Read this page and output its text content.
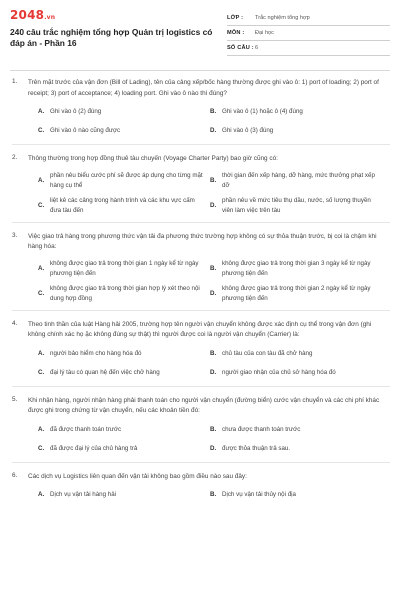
2048.vn
240 câu trắc nghiệm tổng hợp Quản trị logistics có đáp án - Phần 16
LỚP : Trắc nghiệm tổng hợp
MÔN : Đại học
SỐ CÂU : 6
1. Trên mặt trước của vận đơn (Bill of Lading), tên của cảng xếp/bốc hàng thường được ghi vào ô: 1) port of loading; 2) port of receipt; 3) port of acceptance; 4) loading port. Ghi vào ô nào thì đúng?
A. Ghi vào ô (2) đúng	B. Ghi vào ô (1) hoặc ô (4) đúng
C. Ghi vào ô nào cũng được	D. Ghi vào ô (3) đúng
2. Thông thường trong hợp đồng thuê tàu chuyến (Voyage Charter Party) bao giờ cũng có:
A.
phần nêu biểu cước phí sẽ được áp dụng cho từng mặt hàng cụ thể
B.
thời gian đến xếp hàng, dỡ hàng, mức thưởng phạt xếp dỡ
C.
liệt kê các cảng trong hành trình và các khu vực cấm đưa tàu đến
D.
phần nêu về mức tiêu thụ dầu, nước, số lượng thuyền viên làm việc trên tàu
3. Việc giao trả hàng trong phương thức vận tải đa phương thức trường hợp không có sự thỏa thuận trước, bị coi là chậm khi hàng hóa:
A.
không được giao trả trong thời gian 1 ngày kể từ ngày phương tiện đến
B.
không được giao trả trong thời gian 3 ngày kể từ ngày phương tiện đến
C.
không được giao trả trong thời gian hợp lý xét theo nội dung hợp đồng
D.
không được giao trả trong thời gian 2 ngày kể từ ngày phương tiện đến
4. Theo tinh thần của luật Hàng hải 2005, trường hợp tên người vận chuyển không được xác định cụ thể trong vận đơn (ghi không chính xác họ ặc không đúng sự thật) thì người được coi là người vận chuyển (Carrier) là:
A. người bảo hiểm cho hàng hóa đó	B. chủ tàu của con tàu đã chở hàng
C. đại lý tàu có quan hệ đến việc chở hàng	D. người giao nhận của chủ sở hàng hóa đó
5. Khi nhận hàng, người nhận hàng phải thanh toán cho người vận chuyển (đường biển) cước vận chuyển và các chi phí khác được ghi trong chứng từ vận chuyển, nếu các khoản tiền đó:
A. đã được thanh toán trước	B. chưa được thanh toán trước
C. đã được đại lý của chủ hàng trả	D. được thỏa thuận trả sau.
6. Các dịch vụ Logistics liên quan đến vận tải không bao gồm điều nào sau đây:
A. Dịch vụ vận tải hàng hải	B. Dịch vụ vận tải thủy nội địa
